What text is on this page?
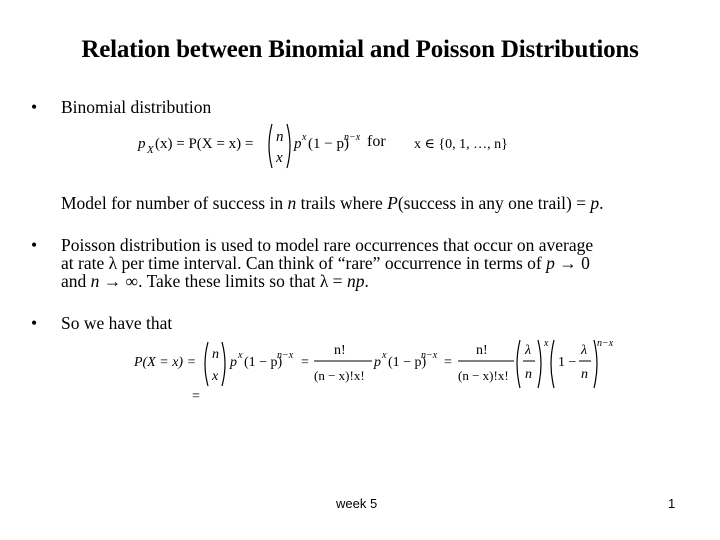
Relation between Binomial and Poisson Distributions
• Binomial distribution
p X (x) = P(X = x) = n
x
p x (1 − p)
n−x for x ∈ {0, 1, …, n}
Model for number of success in n trails where P(success in any one trail) = p.
• Poisson distribution is used to model rare occurrences that occur on average
at rate λ per time interval. Can think of “rare” occurrence in terms of p → 0
and n → ∞. Take these limits so that λ = np.
• So we have that
P(X = x) =
n
x
p x (1 − p)
n−x =
n!
(n − x)!x!
p x (1 − p)
n−x =
n!
(n − x)!x!
λ
n
x
1 −
λ
n
n−x
=
week 5	1
